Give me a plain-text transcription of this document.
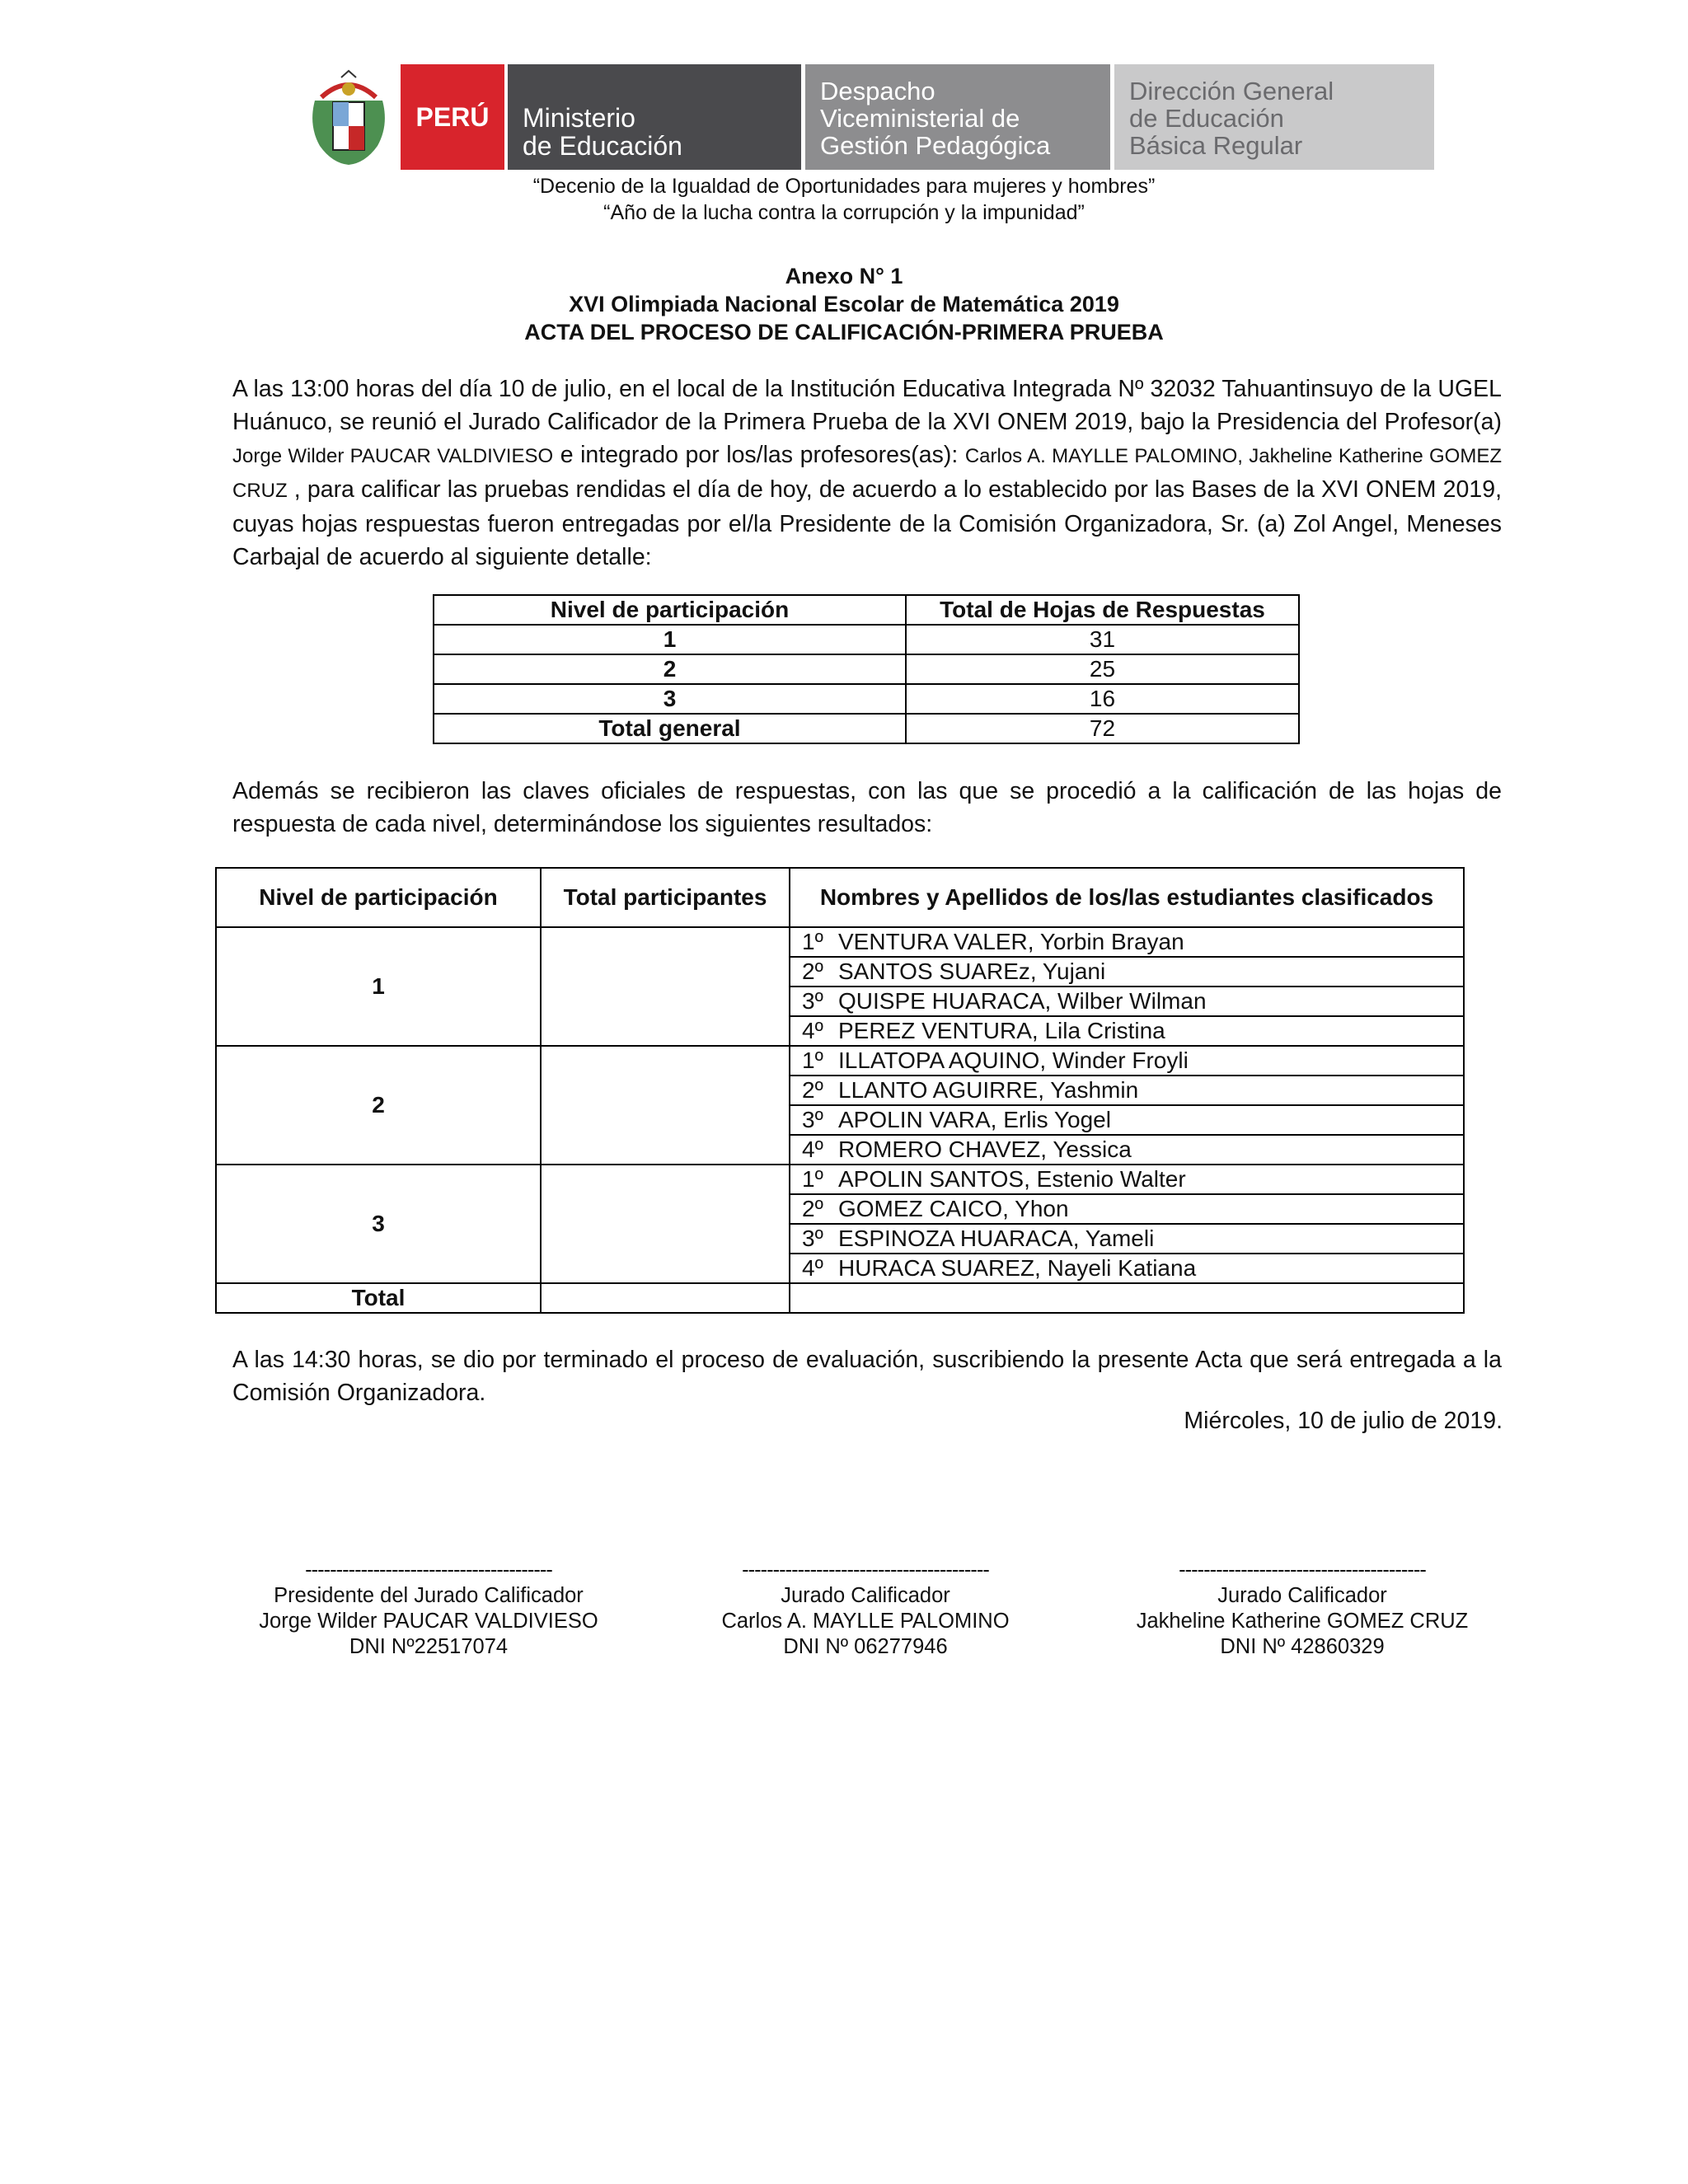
PERÚ Ministerio
de Educación
Despacho
Viceministerial de
Gestión Pedagógica
Dirección General
de Educación
Básica Regular
“Decenio de la Igualdad de Oportunidades para mujeres y hombres”
“Año de la lucha contra la corrupción y la impunidad”
Anexo N° 1
XVI Olimpiada Nacional Escolar de Matemática 2019
ACTA DEL PROCESO DE CALIFICACIÓN-PRIMERA PRUEBA

A las 13:00 horas del día 10 de julio, en el local de la Institución Educativa Integrada Nº 32032 Tahuantinsuyo de la UGEL Huánuco, se reunió el Jurado Calificador de la Primera Prueba de la XVI ONEM 2019, bajo la Presidencia del Profesor(a) Jorge Wilder PAUCAR VALDIVIESO e integrado por los/las profesores(as): Carlos A. MAYLLE PALOMINO, Jakheline Katherine GOMEZ CRUZ , para calificar las pruebas rendidas el día de hoy, de acuerdo a lo establecido por las Bases de la XVI ONEM 2019, cuyas hojas respuestas fueron entregadas por el/la Presidente de la Comisión Organizadora, Sr. (a) Zol Angel, Meneses Carbajal de acuerdo al siguiente detalle:

Nivel de participación	Total de Hojas de Respuestas
1	31
2	25
3	16
Total general	72

Además se recibieron las claves oficiales de respuestas, con las que se procedió a la calificación de las hojas de respuesta de cada nivel, determinándose los siguientes resultados:

Nivel de participación	Total participantes	Nombres y Apellidos de los/las estudiantes clasificados
1		1º VENTURA VALER, Yorbin Brayan
		2º SANTOS SUAREz, Yujani
		3º QUISPE HUARACA, Wilber Wilman
		4º PEREZ VENTURA, Lila Cristina
2		1º ILLATOPA AQUINO, Winder Froyli
		2º LLANTO AGUIRRE, Yashmin
		3º APOLIN VARA, Erlis Yogel
		4º ROMERO CHAVEZ, Yessica
3		1º APOLIN SANTOS, Estenio Walter
		2º GOMEZ CAICO, Yhon
		3º ESPINOZA HUARACA, Yameli
		4º HURACA SUAREZ, Nayeli Katiana
Total		

A las 14:30 horas, se dio por terminado el proceso de evaluación, suscribiendo la presente Acta que será entregada a la Comisión Organizadora.

Miércoles, 10 de julio de 2019.
----------------------------------------
Presidente del Jurado Calificador
Jorge Wilder PAUCAR VALDIVIESO
DNI Nº22517074
----------------------------------------
Jurado Calificador
Carlos A. MAYLLE PALOMINO
DNI Nº 06277946
----------------------------------------
Jurado Calificador
Jakheline Katherine GOMEZ CRUZ
DNI Nº 42860329
